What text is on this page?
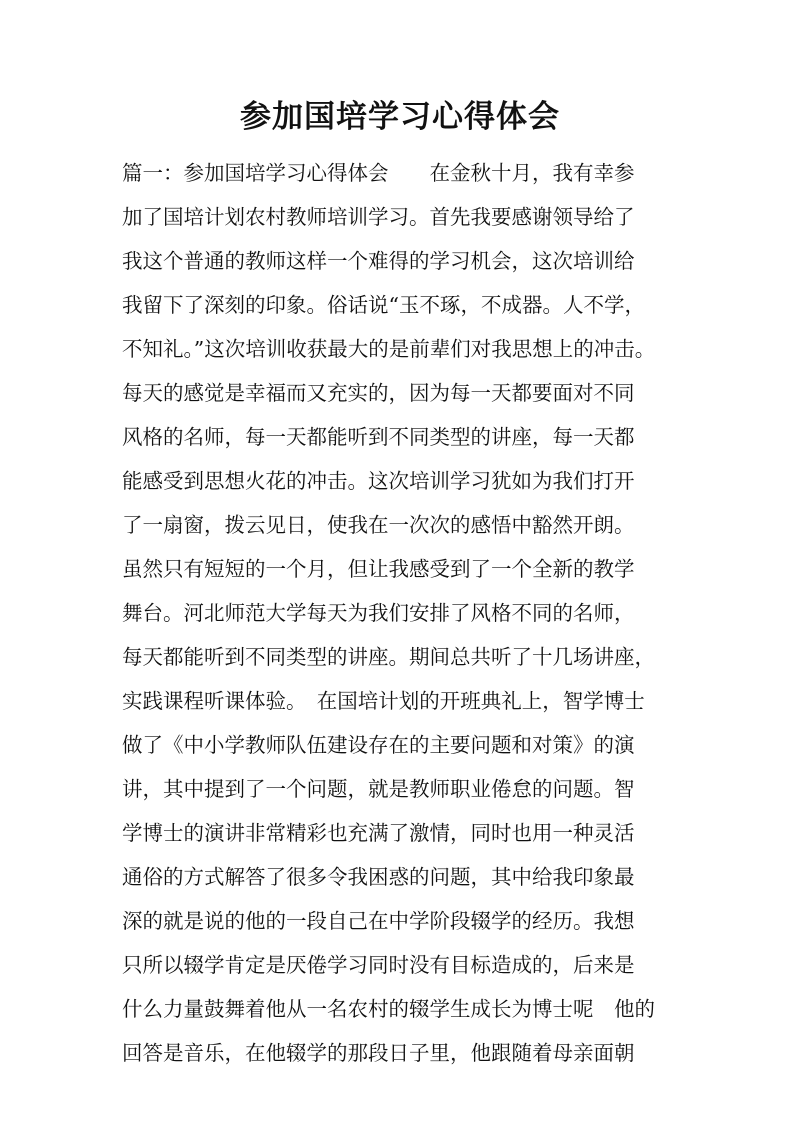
参加国培学习心得体会
篇一：参加国培学习心得体会　　在金秋十月，我有幸参
加了国培计划农村教师培训学习。首先我要感谢领导给了
我这个普通的教师这样一个难得的学习机会，这次培训给
我留下了深刻的印象。俗话说“玉不琢，不成器。人不学，
不知礼。”这次培训收获最大的是前辈们对我思想上的冲击。
每天的感觉是幸福而又充实的，因为每一天都要面对不同
风格的名师，每一天都能听到不同类型的讲座，每一天都
能感受到思想火花的冲击。这次培训学习犹如为我们打开
了一扇窗，拨云见日，使我在一次次的感悟中豁然开朗。
虽然只有短短的一个月，但让我感受到了一个全新的教学
舞台。河北师范大学每天为我们安排了风格不同的名师，
每天都能听到不同类型的讲座。期间总共听了十几场讲座，
实践课程听课体验。　在国培计划的开班典礼上，智学博士
做了《中小学教师队伍建设存在的主要问题和对策》的演
讲，其中提到了一个问题，就是教师职业倦怠的问题。智
学博士的演讲非常精彩也充满了激情，同时也用一种灵活
通俗的方式解答了很多令我困惑的问题，其中给我印象最
深的就是说的他的一段自己在中学阶段辍学的经历。我想
只所以辍学肯定是厌倦学习同时没有目标造成的，后来是
什么力量鼓舞着他从一名农村的辍学生成长为博士呢　他的
回答是音乐，在他辍学的那段日子里，他跟随着母亲面朝
